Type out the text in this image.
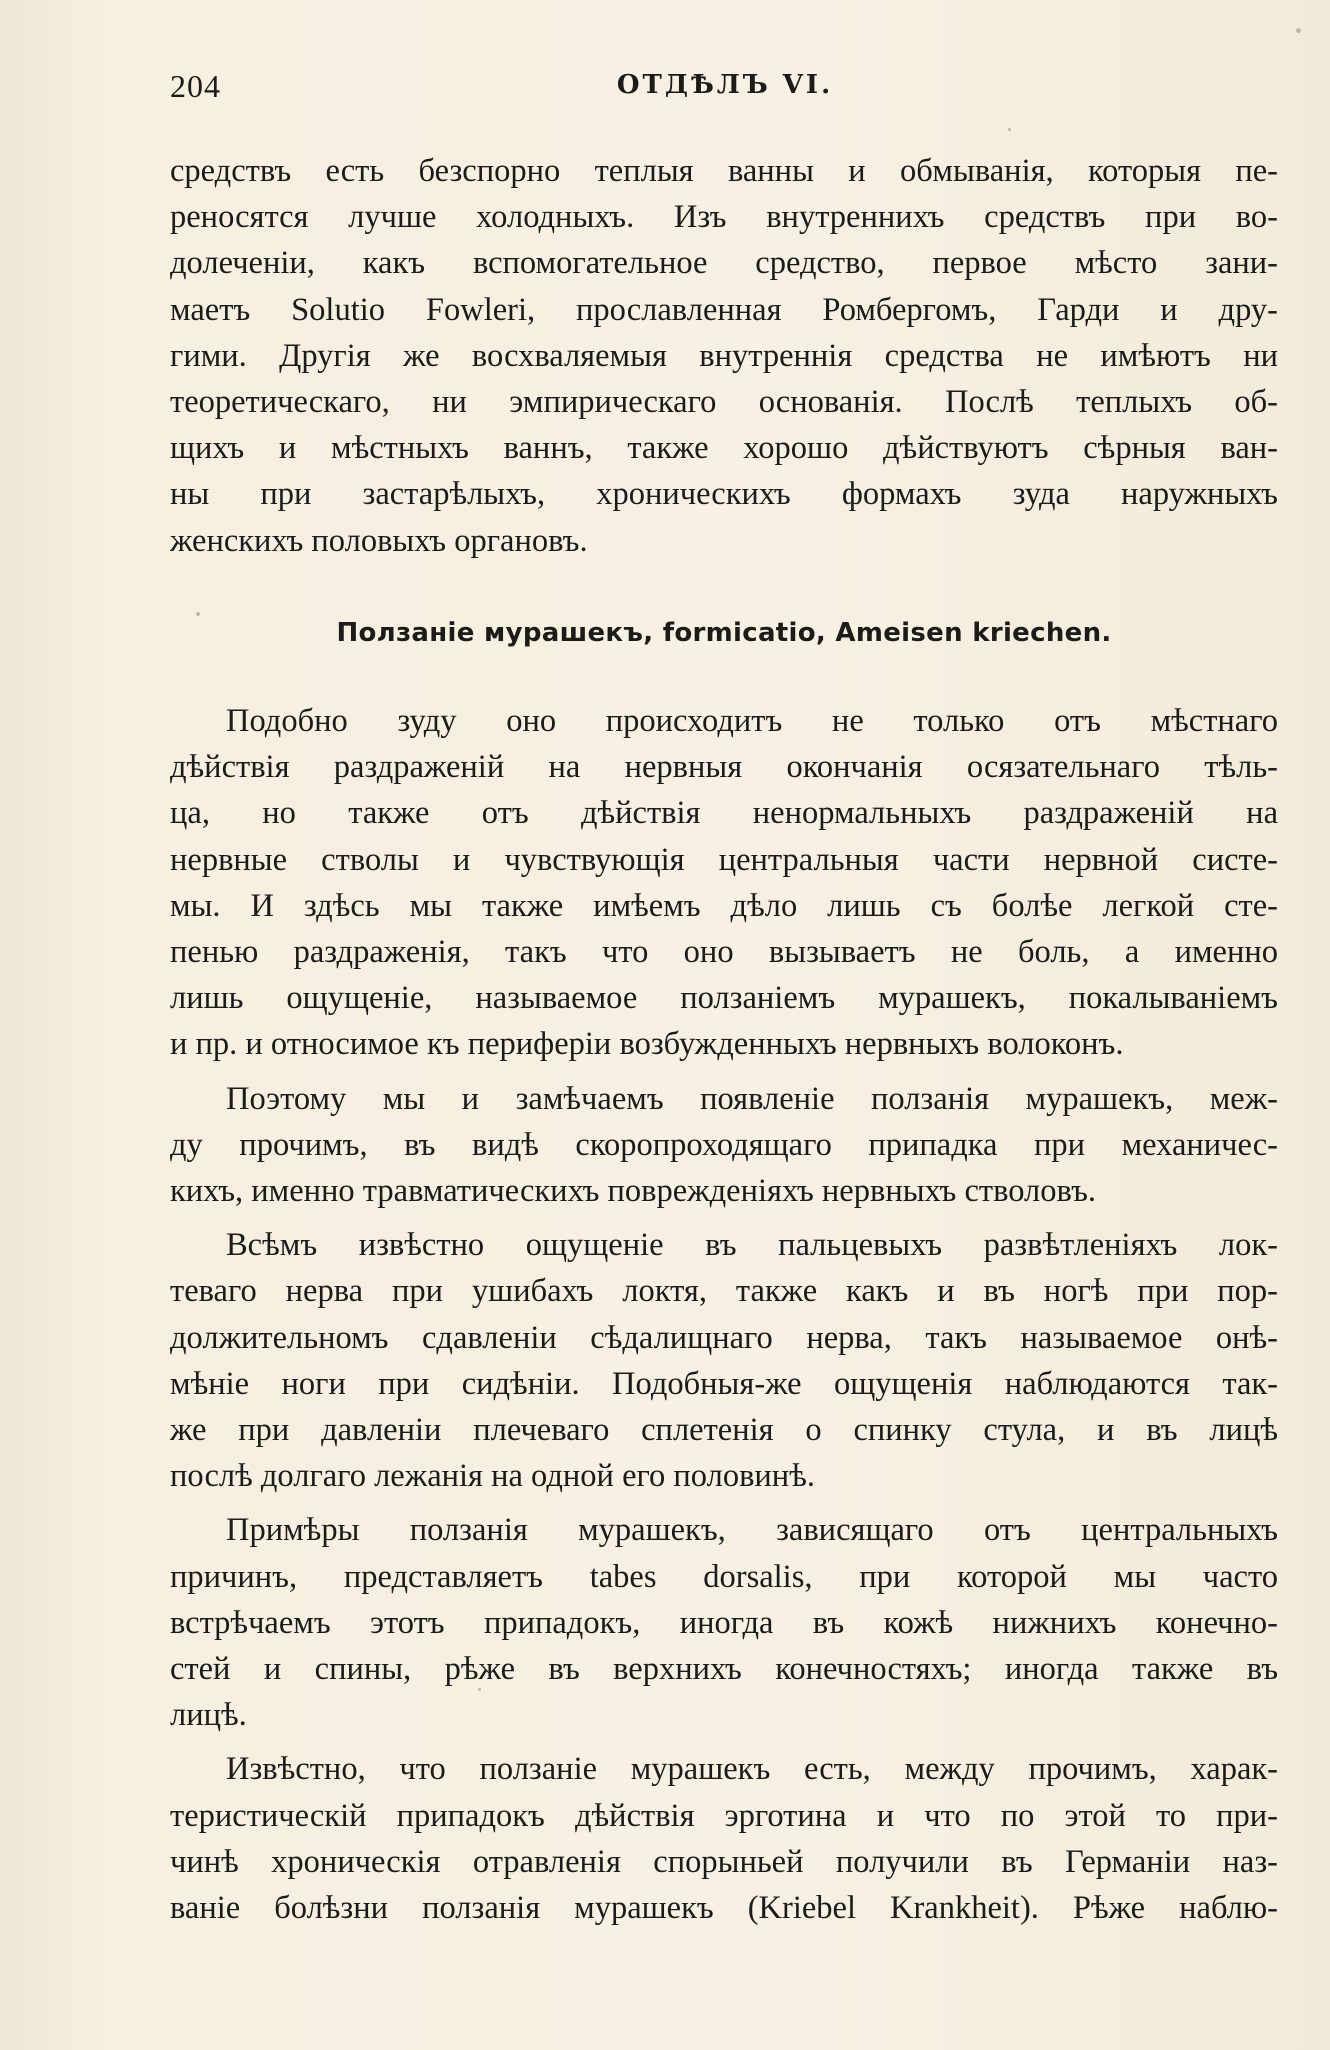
204	ОТДѢЛЪ VI.
средствъ есть безспорно теплыя ванны и обмыванія, которыя пе-
реносятся лучше холодныхъ. Изъ внутреннихъ средствъ при во-
долеченіи, какъ вспомогательное средство, первое мѣсто зани-
маетъ Solutio Fowleri, прославленная Ромбергомъ, Гарди и дру-
гими. Другія же восхваляемыя внутреннія средства не имѣютъ ни
теоретическаго, ни эмпирическаго основанія. Послѣ теплыхъ об-
щихъ и мѣстныхъ ваннъ, также хорошо дѣйствуютъ сѣрныя ван-
ны при застарѣлыхъ, хроническихъ формахъ зуда наружныхъ
женскихъ половыхъ органовъ.
Ползаніе мурашекъ, formicatio, Ameisen kriechen.
Подобно зуду оно происходитъ не только отъ мѣстнаго
дѣйствія раздраженій на нервныя окончанія осязательнаго тѣль-
ца, но также отъ дѣйствія ненормальныхъ раздраженій на
нервные стволы и чувствующія центральныя части нервной систе-
мы. И здѣсь мы также имѣемъ дѣло лишь съ болѣе легкой сте-
пенью раздраженія, такъ что оно вызываетъ не боль, а именно
лишь ощущеніе, называемое ползаніемъ мурашекъ, покалываніемъ
и пр. и относимое къ периферіи возбужденныхъ нервныхъ волоконъ.
Поэтому мы и замѣчаемъ появленіе ползанія мурашекъ, меж-
ду прочимъ, въ видѣ скоропроходящаго припадка при механичес-
кихъ, именно травматическихъ поврежденіяхъ нервныхъ стволовъ.
Всѣмъ извѣстно ощущеніе въ пальцевыхъ развѣтленіяхъ лок-
теваго нерва при ушибахъ локтя, также какъ и въ ногѣ при пор-
должительномъ сдавленіи сѣдалищнаго нерва, такъ называемое онѣ-
мѣніе ноги при сидѣніи. Подобныя-же ощущенія наблюдаются так-
же при давленіи плечеваго сплетенія о спинку стула, и въ лицѣ
послѣ долгаго лежанія на одной его половинѣ.
Примѣры ползанія мурашекъ, зависящаго отъ центральныхъ
причинъ, представляетъ tabes dorsalis, при которой мы часто
встрѣчаемъ этотъ припадокъ, иногда въ кожѣ нижнихъ конечно-
стей и спины, рѣже въ верхнихъ конечностяхъ; иногда также въ
лицѣ.
Извѣстно, что ползаніе мурашекъ есть, между прочимъ, харак-
теристическій припадокъ дѣйствія эрготина и что по этой то при-
чинѣ хроническія отравленія спорыньей получили въ Германіи наз-
ваніе болѣзни ползанія мурашекъ (Kriebel Krankheit). Рѣже наблю-
